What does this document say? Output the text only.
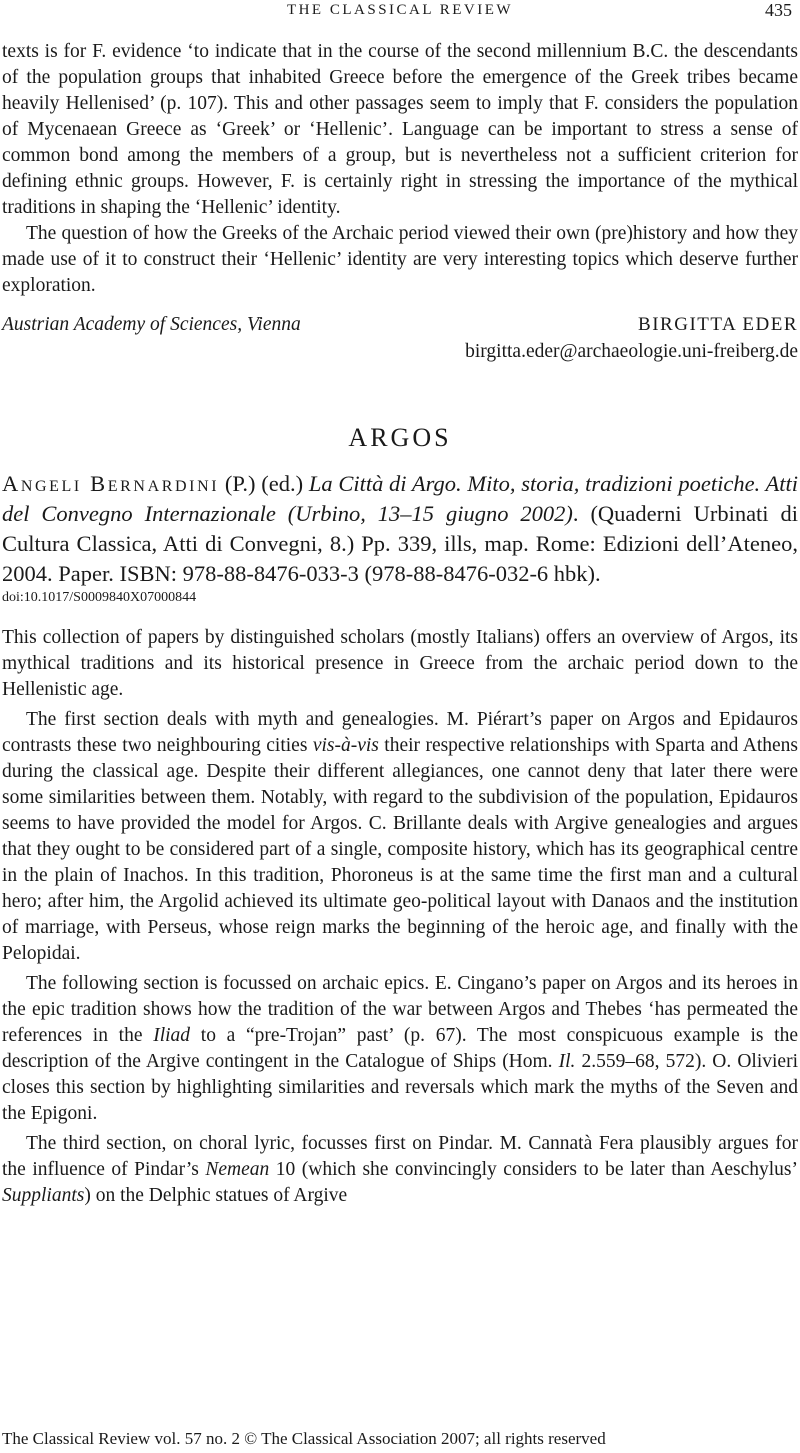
THE CLASSICAL REVIEW	435

texts is for F. evidence ‘to indicate that in the course of the second millennium B.C. the descendants of the population groups that inhabited Greece before the emergence of the Greek tribes became heavily Hellenised’ (p. 107). This and other passages seem to imply that F. considers the population of Mycenaean Greece as ‘Greek’ or ‘Hellenic’. Language can be important to stress a sense of common bond among the members of a group, but is nevertheless not a sufficient criterion for defining ethnic groups. However, F. is certainly right in stressing the importance of the mythical traditions in shaping the ‘Hellenic’ identity.

The question of how the Greeks of the Archaic period viewed their own (pre)history and how they made use of it to construct their ‘Hellenic’ identity are very interesting topics which deserve further exploration.

Austrian Academy of Sciences, Vienna	BIRGITTA EDER
birgitta.eder@archaeologie.uni-freiberg.de
ARGOS

Angeli Bernardini (P.) (ed.) La Città di Argo. Mito, storia, tradizioni poetiche. Atti del Convegno Internazionale (Urbino, 13–15 giugno 2002). (Quaderni Urbinati di Cultura Classica, Atti di Convegni, 8.) Pp. 339, ills, map. Rome: Edizioni dell’Ateneo, 2004. Paper. ISBN: 978-88-8476-033-3 (978-88-8476-032-6 hbk).

doi:10.1017/S0009840X07000844

This collection of papers by distinguished scholars (mostly Italians) offers an overview of Argos, its mythical traditions and its historical presence in Greece from the archaic period down to the Hellenistic age.

The first section deals with myth and genealogies. M. Piérart’s paper on Argos and Epidauros contrasts these two neighbouring cities vis-à-vis their respective relationships with Sparta and Athens during the classical age. Despite their different allegiances, one cannot deny that later there were some similarities between them. Notably, with regard to the subdivision of the population, Epidauros seems to have provided the model for Argos. C. Brillante deals with Argive genealogies and argues that they ought to be considered part of a single, composite history, which has its geographical centre in the plain of Inachos. In this tradition, Phoroneus is at the same time the first man and a cultural hero; after him, the Argolid achieved its ultimate geo-political layout with Danaos and the institution of marriage, with Perseus, whose reign marks the beginning of the heroic age, and finally with the Pelopidai.

The following section is focussed on archaic epics. E. Cingano’s paper on Argos and its heroes in the epic tradition shows how the tradition of the war between Argos and Thebes ‘has permeated the references in the Iliad to a “pre-Trojan” past’ (p. 67). The most conspicuous example is the description of the Argive contingent in the Catalogue of Ships (Hom. Il. 2.559–68, 572). O. Olivieri closes this section by highlighting similarities and reversals which mark the myths of the Seven and the Epigoni.

The third section, on choral lyric, focusses first on Pindar. M. Cannatà Fera plausibly argues for the influence of Pindar’s Nemean 10 (which she convincingly considers to be later than Aeschylus’ Suppliants) on the Delphic statues of Argive

The Classical Review vol. 57 no. 2 © The Classical Association 2007; all rights reserved
